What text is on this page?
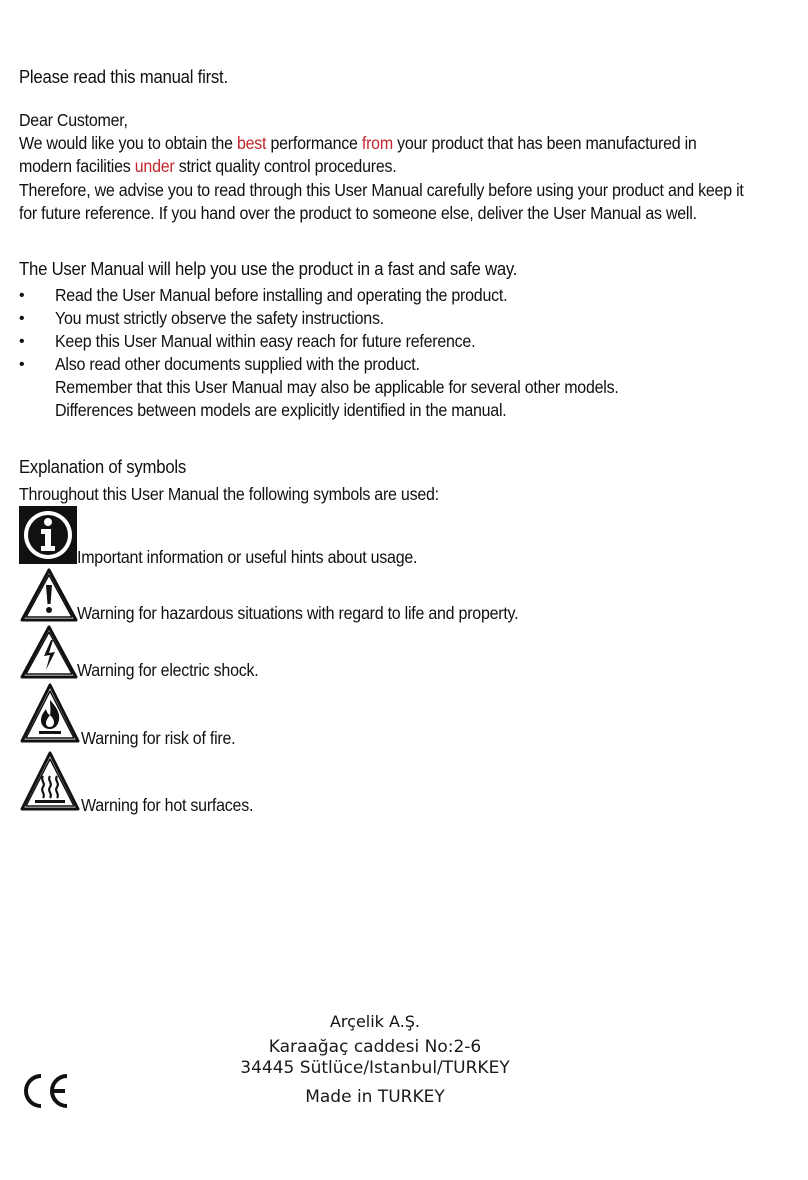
Please read this manual first.

Dear Customer,

We would like you to obtain the best performance from your product that has been manufactured in

modern facilities under strict quality control procedures.

Therefore, we advise you to read through this User Manual carefully before using your product and keep it

for future reference. If you hand over the product to someone else, deliver the User Manual as well.

The User Manual will help you use the product in a fast and safe way.

• Read the User Manual before installing and operating the product.
• You must strictly observe the safety instructions.
• Keep this User Manual within easy reach for future reference.
• Also read other documents supplied with the product.
Remember that this User Manual may also be applicable for several other models.
Differences between models are explicitly identified in the manual.

Explanation of symbols

Throughout this User Manual the following symbols are used:

Important information or useful hints about usage.
Warning for hazardous situations with regard to life and property.
Warning for electric shock.
Warning for risk of fire.
Warning for hot surfaces.
Arçelik A.Ş.
Karaağaç caddesi No:2-6
34445 Sütlüce/Istanbul/TURKEY
Made in TURKEY
